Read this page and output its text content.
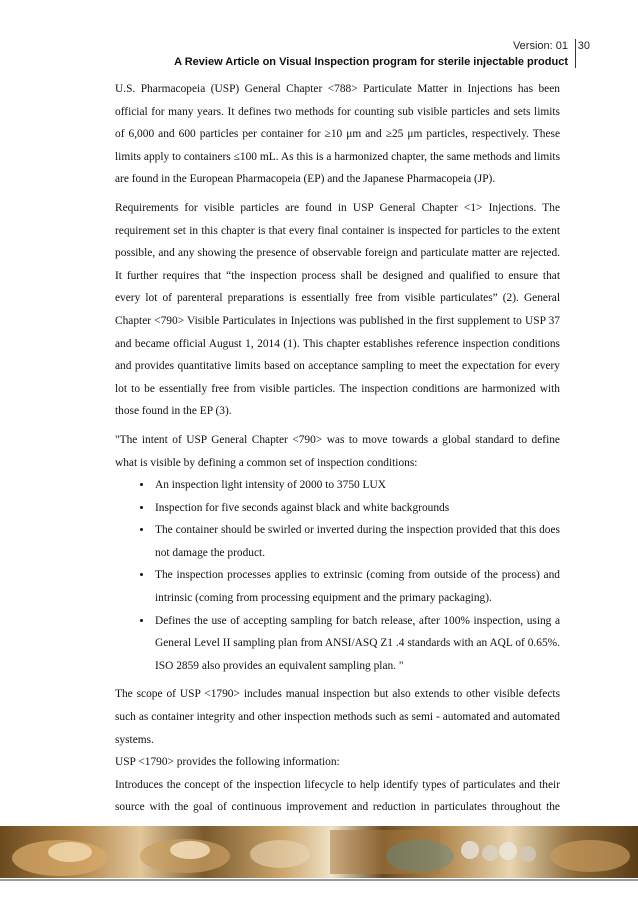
Version: 01
A Review Article on Visual Inspection program for sterile injectable product
30

U.S. Pharmacopeia (USP) General Chapter <788> Particulate Matter in Injections has been official for many years. It defines two methods for counting sub visible particles and sets limits of 6,000 and 600 particles per container for ≥10 μm and ≥25 μm particles, respectively. These limits apply to containers ≤100 mL. As this is a harmonized chapter, the same methods and limits are found in the European Pharmacopeia (EP) and the Japanese Pharmacopeia (JP).

Requirements for visible particles are found in USP General Chapter <1> Injections. The requirement set in this chapter is that every final container is inspected for particles to the extent possible, and any showing the presence of observable foreign and particulate matter are rejected. It further requires that “the inspection process shall be designed and qualified to ensure that every lot of parenteral preparations is essentially free from visible particulates” (2). General Chapter <790> Visible Particulates in Injections was published in the first supplement to USP 37 and became official August 1, 2014 (1). This chapter establishes reference inspection conditions and provides quantitative limits based on acceptance sampling to meet the expectation for every lot to be essentially free from visible particles. The inspection conditions are harmonized with those found in the EP (3).

"The intent of USP General Chapter <790> was to move towards a global standard to define what is visible by defining a common set of inspection conditions:

• An inspection light intensity of 2000 to 3750 LUX
• Inspection for five seconds against black and white backgrounds
• The container should be swirled or inverted during the inspection provided that this does not damage the product.
• The inspection processes applies to extrinsic (coming from outside of the process) and intrinsic (coming from processing equipment and the primary packaging).
• Defines the use of accepting sampling for batch release, after 100% inspection, using a General Level II sampling plan from ANSI/ASQ Z1 .4 standards with an AQL of 0.65%. ISO 2859 also provides an equivalent sampling plan. "

The scope of USP <1790> includes manual inspection but also extends to other visible defects such as container integrity and other inspection methods such as semi - automated and automated systems.

USP <1790> provides the following information:

Introduces the concept of the inspection lifecycle to help identify types of particulates and their source with the goal of continuous improvement and reduction in particulates throughout the

•
